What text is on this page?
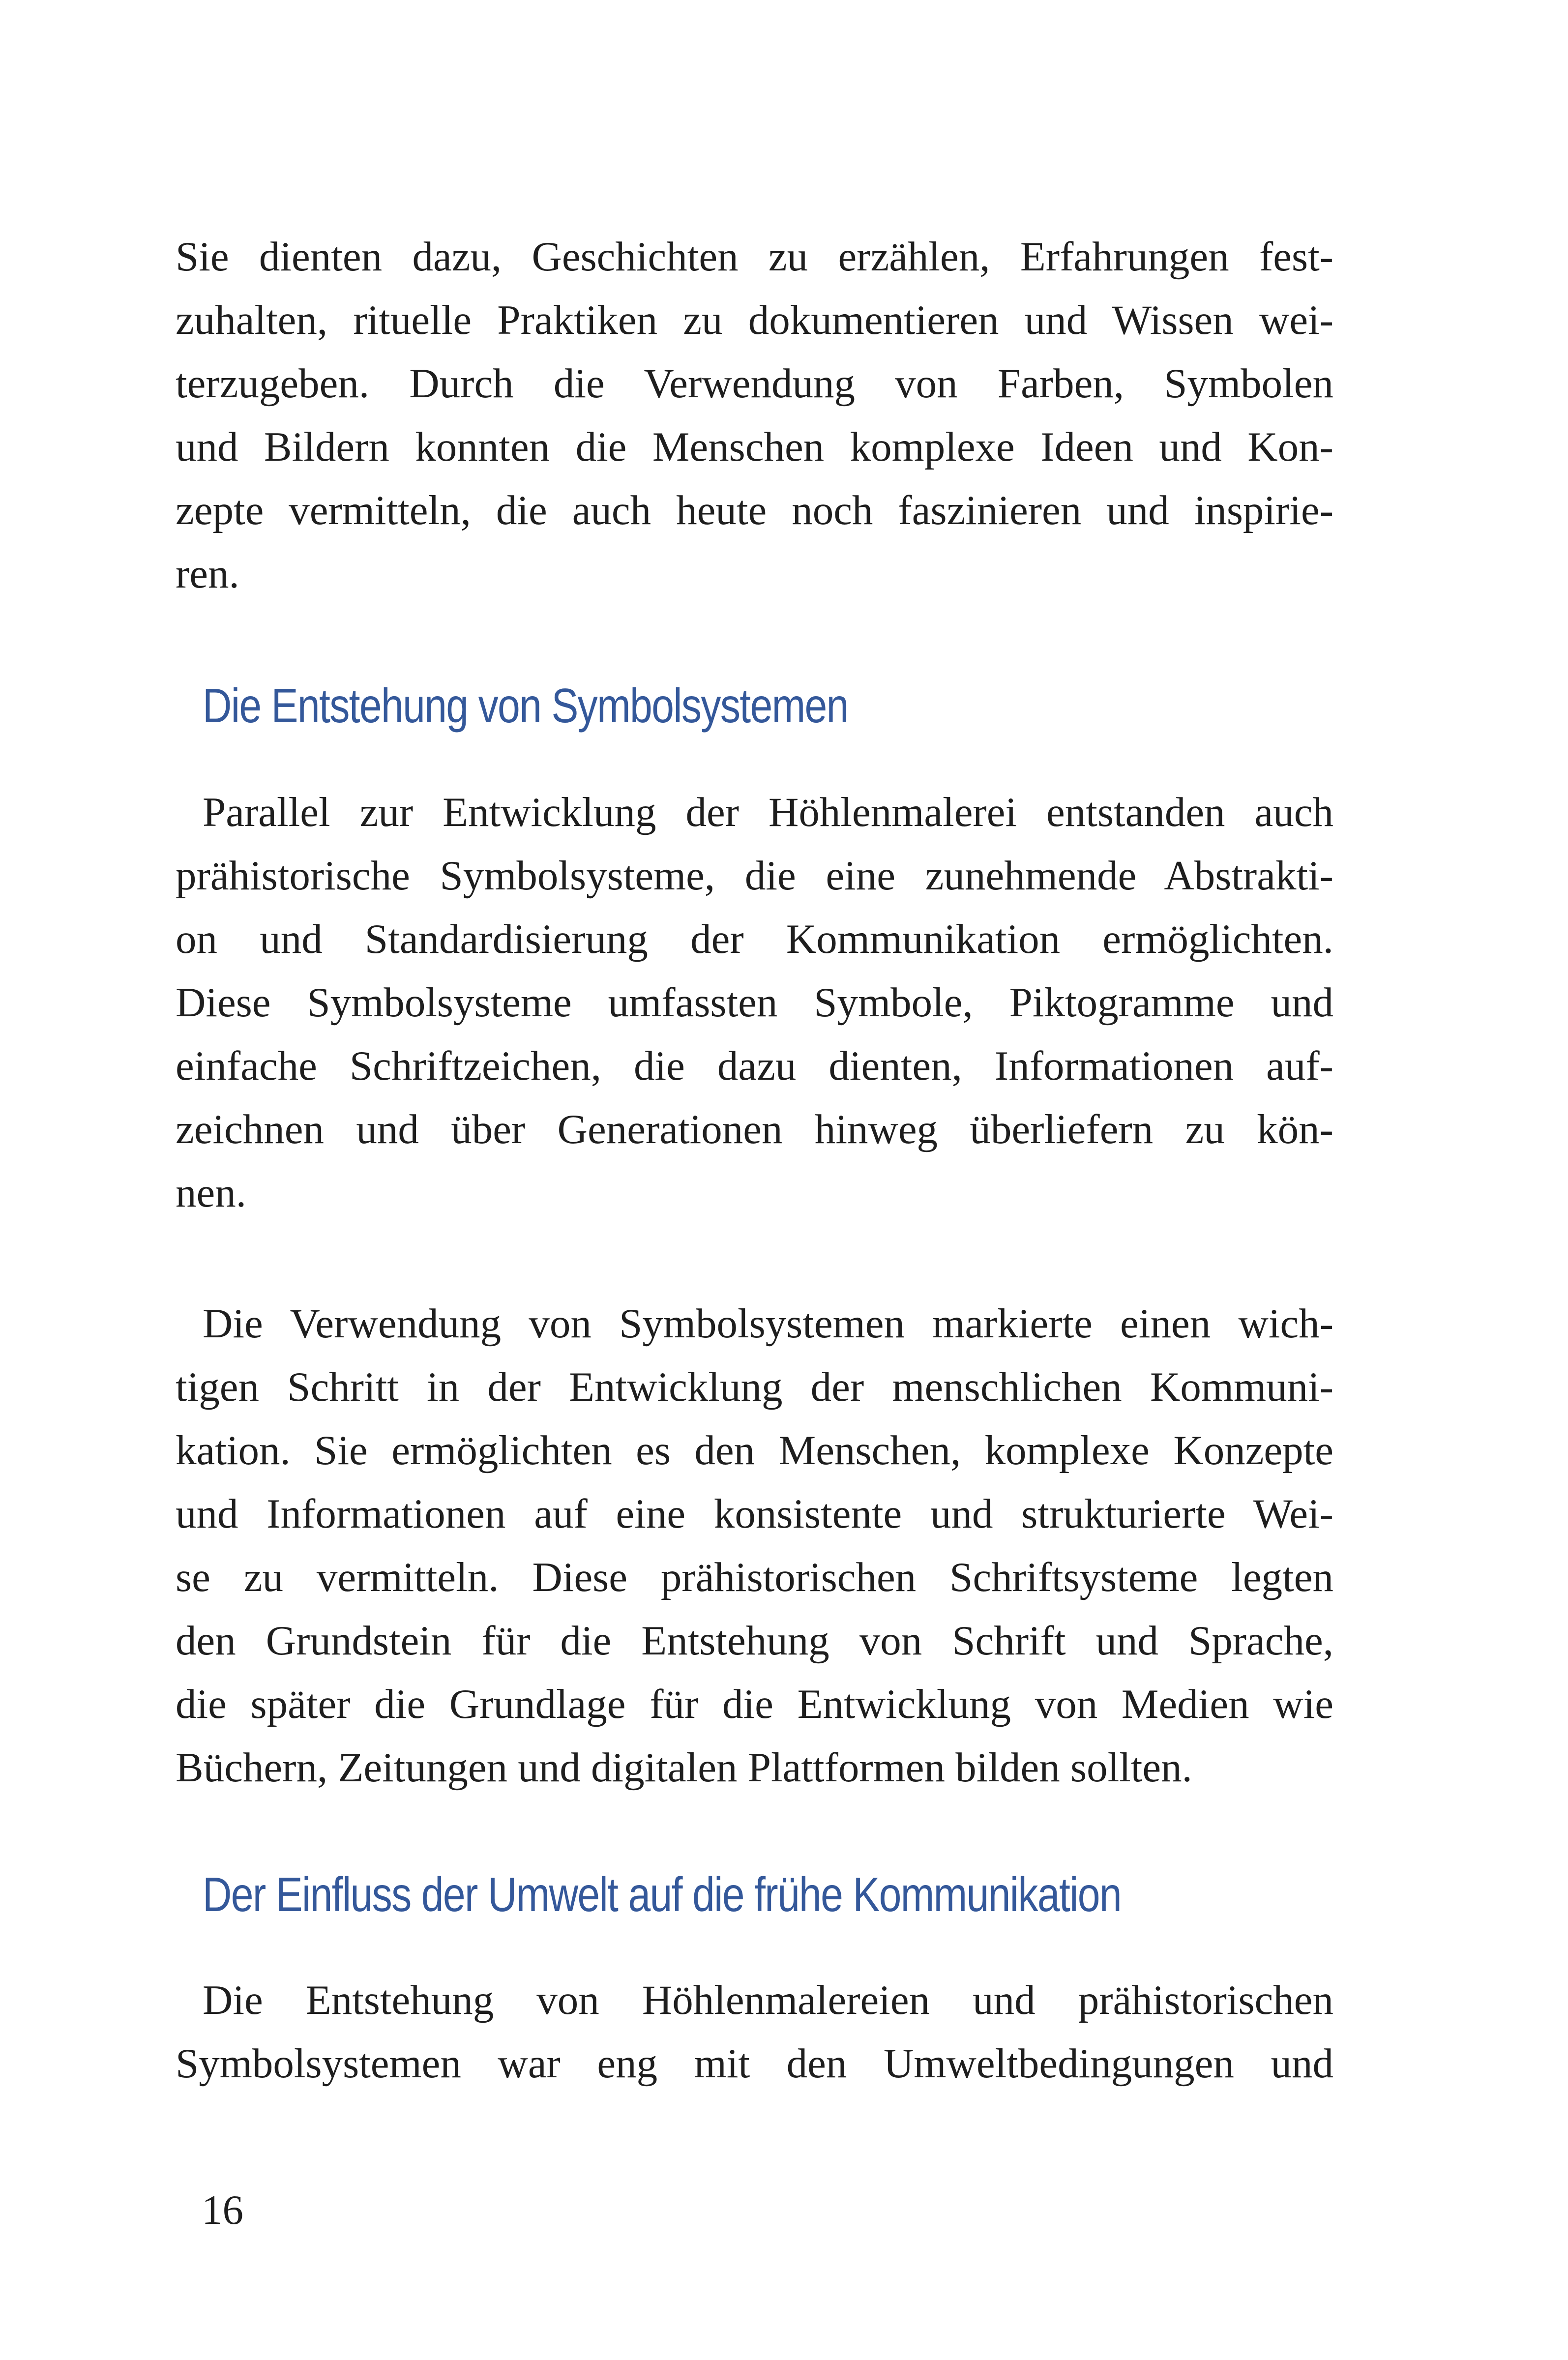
Sie dienten dazu, Geschichten zu erzählen, Erfahrungen fest-
zuhalten, rituelle Praktiken zu dokumentieren und Wissen wei-
terzugeben. Durch die Verwendung von Farben, Symbolen
und Bildern konnten die Menschen komplexe Ideen und Kon-
zepte vermitteln, die auch heute noch faszinieren und inspirie-
ren.
Die Entstehung von Symbolsystemen
Parallel zur Entwicklung der Höhlenmalerei entstanden auch
prähistorische Symbolsysteme, die eine zunehmende Abstrakti-
on und Standardisierung der Kommunikation ermöglichten.
Diese Symbolsysteme umfassten Symbole, Piktogramme und
einfache Schriftzeichen, die dazu dienten, Informationen auf-
zeichnen und über Generationen hinweg überliefern zu kön-
nen.
Die Verwendung von Symbolsystemen markierte einen wich-
tigen Schritt in der Entwicklung der menschlichen Kommuni-
kation. Sie ermöglichten es den Menschen, komplexe Konzepte
und Informationen auf eine konsistente und strukturierte Wei-
se zu vermitteln. Diese prähistorischen Schriftsysteme legten
den Grundstein für die Entstehung von Schrift und Sprache,
die später die Grundlage für die Entwicklung von Medien wie
Büchern, Zeitungen und digitalen Plattformen bilden sollten.
Der Einfluss der Umwelt auf die frühe Kommunikation
Die Entstehung von Höhlenmalereien und prähistorischen
Symbolsystemen war eng mit den Umweltbedingungen und
16
